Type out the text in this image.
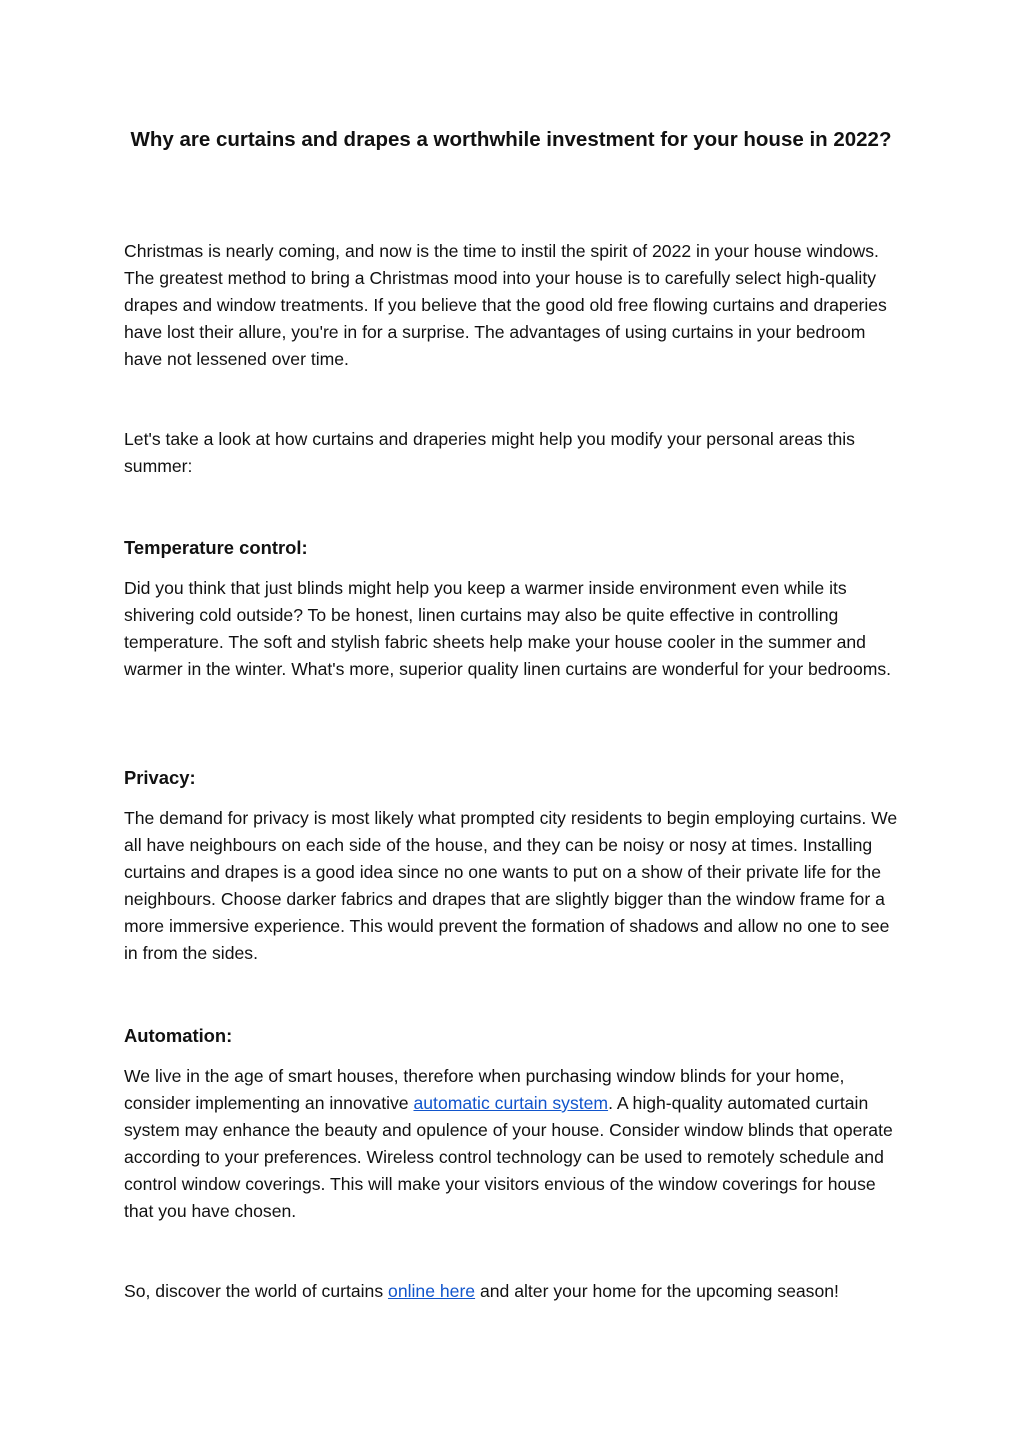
Why are curtains and drapes a worthwhile investment for your house in 2022?

Christmas is nearly coming, and now is the time to instil the spirit of 2022 in your house windows. The greatest method to bring a Christmas mood into your house is to carefully select high-quality drapes and window treatments. If you believe that the good old free flowing curtains and draperies have lost their allure, you're in for a surprise. The advantages of using curtains in your bedroom have not lessened over time.

Let's take a look at how curtains and draperies might help you modify your personal areas this summer:

Temperature control:

Did you think that just blinds might help you keep a warmer inside environment even while its shivering cold outside? To be honest, linen curtains may also be quite effective in controlling temperature. The soft and stylish fabric sheets help make your house cooler in the summer and warmer in the winter. What's more, superior quality linen curtains are wonderful for your bedrooms.

Privacy:

The demand for privacy is most likely what prompted city residents to begin employing curtains. We all have neighbours on each side of the house, and they can be noisy or nosy at times. Installing curtains and drapes is a good idea since no one wants to put on a show of their private life for the neighbours. Choose darker fabrics and drapes that are slightly bigger than the window frame for a more immersive experience. This would prevent the formation of shadows and allow no one to see in from the sides.

Automation:

We live in the age of smart houses, therefore when purchasing window blinds for your home, consider implementing an innovative automatic curtain system. A high-quality automated curtain system may enhance the beauty and opulence of your house. Consider window blinds that operate according to your preferences. Wireless control technology can be used to remotely schedule and control window coverings. This will make your visitors envious of the window coverings for house that you have chosen.

So, discover the world of curtains online here and alter your home for the upcoming season!
